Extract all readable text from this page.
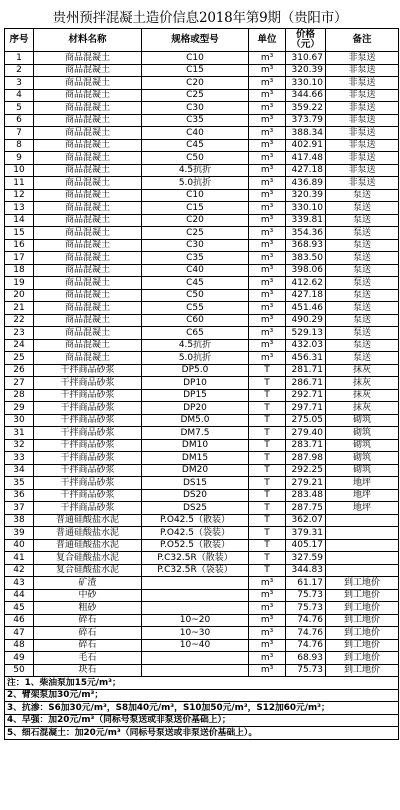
贵州预拌混凝土造价信息2018年第9期（贵阳市）
序号	材料名称	规格或型号	单位	价格（元）	备注
1	商品混凝土	C10	m³	310.67	非泵送
2	商品混凝土	C15	m³	320.39	非泵送
3	商品混凝土	C20	m³	330.10	非泵送
4	商品混凝土	C25	m³	344.66	非泵送
5	商品混凝土	C30	m³	359.22	非泵送
6	商品混凝土	C35	m³	373.79	非泵送
7	商品混凝土	C40	m³	388.34	非泵送
8	商品混凝土	C45	m³	402.91	非泵送
9	商品混凝土	C50	m³	417.48	非泵送
10	商品混凝土	4.5抗折	m³	427.18	非泵送
11	商品混凝土	5.0抗折	m³	436.89	非泵送
12	商品混凝土	C10	m³	320.39	泵送
13	商品混凝土	C15	m³	330.10	泵送
14	商品混凝土	C20	m³	339.81	泵送
15	商品混凝土	C25	m³	354.36	泵送
16	商品混凝土	C30	m³	368.93	泵送
17	商品混凝土	C35	m³	383.50	泵送
18	商品混凝土	C40	m³	398.06	泵送
19	商品混凝土	C45	m³	412.62	泵送
20	商品混凝土	C50	m³	427.18	泵送
21	商品混凝土	C55	m³	451.46	泵送
22	商品混凝土	C60	m³	490.29	泵送
23	商品混凝土	C65	m³	529.13	泵送
24	商品混凝土	4.5抗折	m³	432.03	泵送
25	商品混凝土	5.0抗折	m³	456.31	泵送
26	干拌商品砂浆	DP5.0	T	281.71	抹灰
27	干拌商品砂浆	DP10	T	286.71	抹灰
28	干拌商品砂浆	DP15	T	292.71	抹灰
29	干拌商品砂浆	DP20	T	297.71	抹灰
30	干拌商品砂浆	DM5.0	T	275.05	砌筑
31	干拌商品砂浆	DM7.5	T	279.40	砌筑
32	干拌商品砂浆	DM10	T	283.71	砌筑
33	干拌商品砂浆	DM15	T	287.98	砌筑
34	干拌商品砂浆	DM20	T	292.25	砌筑
35	干拌商品砂浆	DS15	T	279.21	地坪
36	干拌商品砂浆	DS20	T	283.48	地坪
37	干拌商品砂浆	DS25	T	287.75	地坪
38	普通硅酸盐水泥	P.O42.5（散装）	T	362.07	
39	普通硅酸盐水泥	P.O42.5（袋装）	T	379.31	
40	普通硅酸盐水泥	P.O52.5（散装）	T	405.17	
41	复合硅酸盐水泥	P.C32.5R（散装）	T	327.59	
42	复合硅酸盐水泥	P.C32.5R（袋装）	T	344.83	
43	矿渣		m³	61.17	到工地价
44	中砂		m³	75.73	到工地价
45	粗砂		m³	75.73	到工地价
46	碎石	10~20	m³	74.76	到工地价
47	碎石	10~30	m³	74.76	到工地价
48	碎石	10~40	m³	74.76	到工地价
49	毛石		m³	68.93	到工地价
50	块石		m³	75.73	到工地价
注：1、柴油泵加15元/m³；					
2、臂架泵加30元/m³；					
3、抗渗：S6加30元/m³，S8加40元/m³，S10加50元/m³，S12加60元/m³；					
4、早强：加20元/m³（同标号泵送或非泵送价基础上）；					
5、细石混凝土：加20元/m³（同标号泵送或非泵送价基础上）。					
